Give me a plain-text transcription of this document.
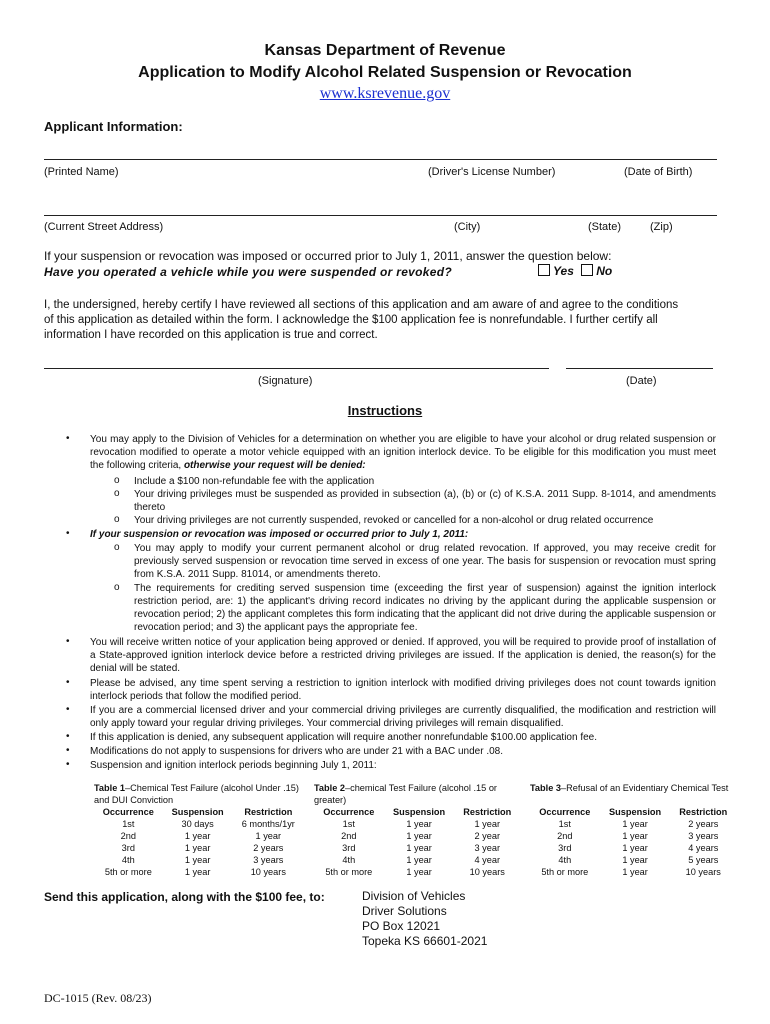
Kansas Department of Revenue
Application to Modify Alcohol Related Suspension or Revocation
www.ksrevenue.gov
Applicant Information:
(Printed Name)	(Driver's License Number)	(Date of Birth)
(Current Street Address)	(City)	(State)	(Zip)
If your suspension or revocation was imposed or occurred prior to July 1, 2011, answer the question below:
Have you operated a vehicle while you were suspended or revoked?	Yes No
I, the undersigned, hereby certify I have reviewed all sections of this application and am aware of and agree to the conditions of this application as detailed within the form. I acknowledge the $100 application fee is nonrefundable. I further certify all information I have recorded on this application is true and correct.
(Signature)	(Date)
Instructions
• You may apply to the Division of Vehicles for a determination on whether you are eligible to have your alcohol or drug related suspension or revocation modified to operate a motor vehicle equipped with an ignition interlock device. To be eligible for this modification you must meet the following criteria, otherwise your request will be denied:
o Include a $100 non-refundable fee with the application
o Your driving privileges must be suspended as provided in subsection (a), (b) or (c) of K.S.A. 2011 Supp. 8-1014, and amendments thereto
o Your driving privileges are not currently suspended, revoked or cancelled for a non-alcohol or drug related occurrence
• If your suspension or revocation was imposed or occurred prior to July 1, 2011:
o You may apply to modify your current permanent alcohol or drug related revocation. If approved, you may receive credit for previously served suspension or revocation time served in excess of one year. The basis for suspension or revocation must spring from K.S.A. 2011 Supp. 81014, or amendments thereto.
o The requirements for crediting served suspension time (exceeding the first year of suspension) against the ignition interlock restriction period, are: 1) the applicant's driving record indicates no driving by the applicant during the applicable suspension or revocation period; 2) the applicant completes this form indicating that the applicant did not drive during the applicable suspension or revocation period; and 3) the applicant pays the appropriate fee.
• You will receive written notice of your application being approved or denied. If approved, you will be required to provide proof of installation of a State-approved ignition interlock device before a restricted driving privileges are issued. If the application is denied, the reason(s) for the denial will be stated.
• Please be advised, any time spent serving a restriction to ignition interlock with modified driving privileges does not count towards ignition interlock periods that follow the modified period.
• If you are a commercial licensed driver and your commercial driving privileges are currently disqualified, the modification and restriction will only apply toward your regular driving privileges. Your commercial driving privileges will remain disqualified.
• If this application is denied, any subsequent application will require another nonrefundable $100.00 application fee.
• Modifications do not apply to suspensions for drivers who are under 21 with a BAC under .08.
• Suspension and ignition interlock periods beginning July 1, 2011:
Table 1–Chemical Test Failure (alcohol Under .15) and DUI Conviction
Occurrence	Suspension	Restriction
1st	30 days	6 months/1yr
2nd	1 year	1 year
3rd	1 year	2 years
4th	1 year	3 years
5th or more	1 year	10 years
Table 2–chemical Test Failure (alcohol .15 or greater)
Occurrence	Suspension	Restriction
1st	1 year	1 year
2nd	1 year	2 year
3rd	1 year	3 year
4th	1 year	4 year
5th or more	1 year	10 years
Table 3–Refusal of an Evidentiary Chemical Test
Occurrence	Suspension	Restriction
1st	1 year	2 years
2nd	1 year	3 years
3rd	1 year	4 years
4th	1 year	5 years
5th or more	1 year	10 years
Send this application, along with the $100 fee, to:	Division of Vehicles
Driver Solutions
PO Box 12021
Topeka KS 66601-2021
DC-1015 (Rev. 08/23)
